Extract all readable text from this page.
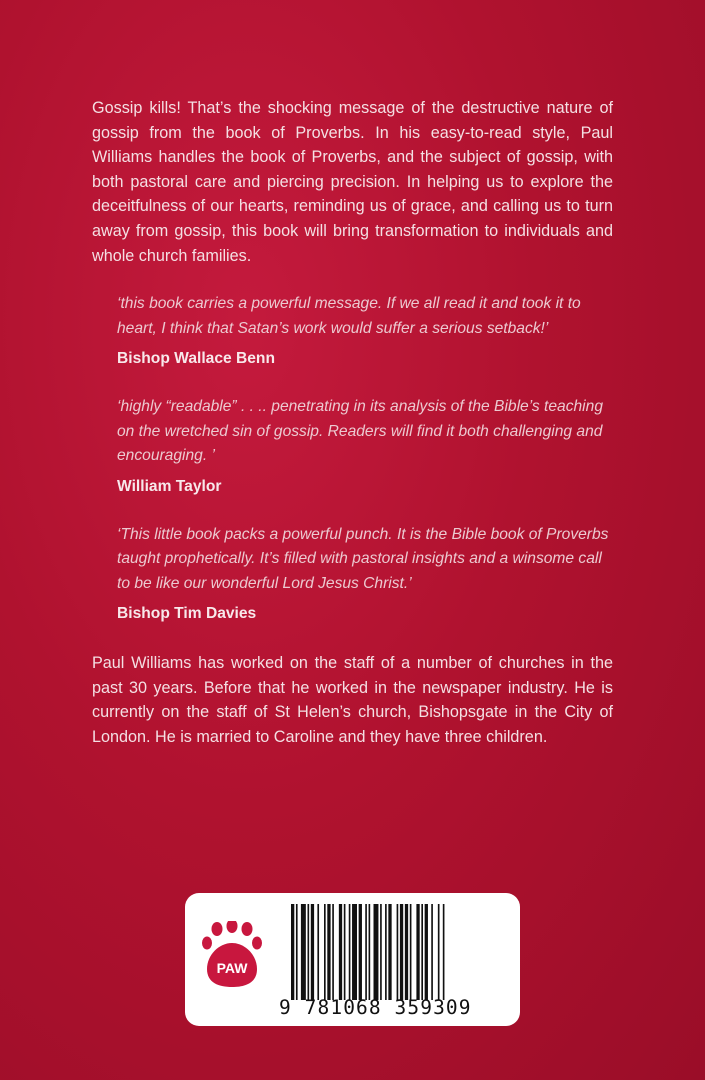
Gossip kills! That’s the shocking message of the destructive nature of gossip from the book of Proverbs. In his easy-to-read style, Paul Williams handles the book of Proverbs, and the subject of gossip, with both pastoral care and piercing precision. In helping us to explore the deceitfulness of our hearts, reminding us of grace, and calling us to turn away from gossip, this book will bring transformation to individuals and whole church families.

‘this book carries a powerful message. If we all read it and took it to heart, I think that Satan’s work would suffer a serious setback!’

Bishop Wallace Benn

‘highly “readable” . . .. penetrating in its analysis of the Bible’s teaching on the wretched sin of gossip. Readers will find it both challenging and encouraging. ’

William Taylor

‘This little book packs a powerful punch. It is the Bible book of Proverbs taught prophetically. It’s filled with pastoral insights and a winsome call to be like our wonderful Lord Jesus Christ.’

Bishop Tim Davies

Paul Williams has worked on the staff of a number of churches in the past 30 years. Before that he worked in the newspaper industry. He is currently on the staff of St Helen’s church, Bishopsgate in the City of London. He is married to Caroline and they have three children.

PAW
9 781068 359309
